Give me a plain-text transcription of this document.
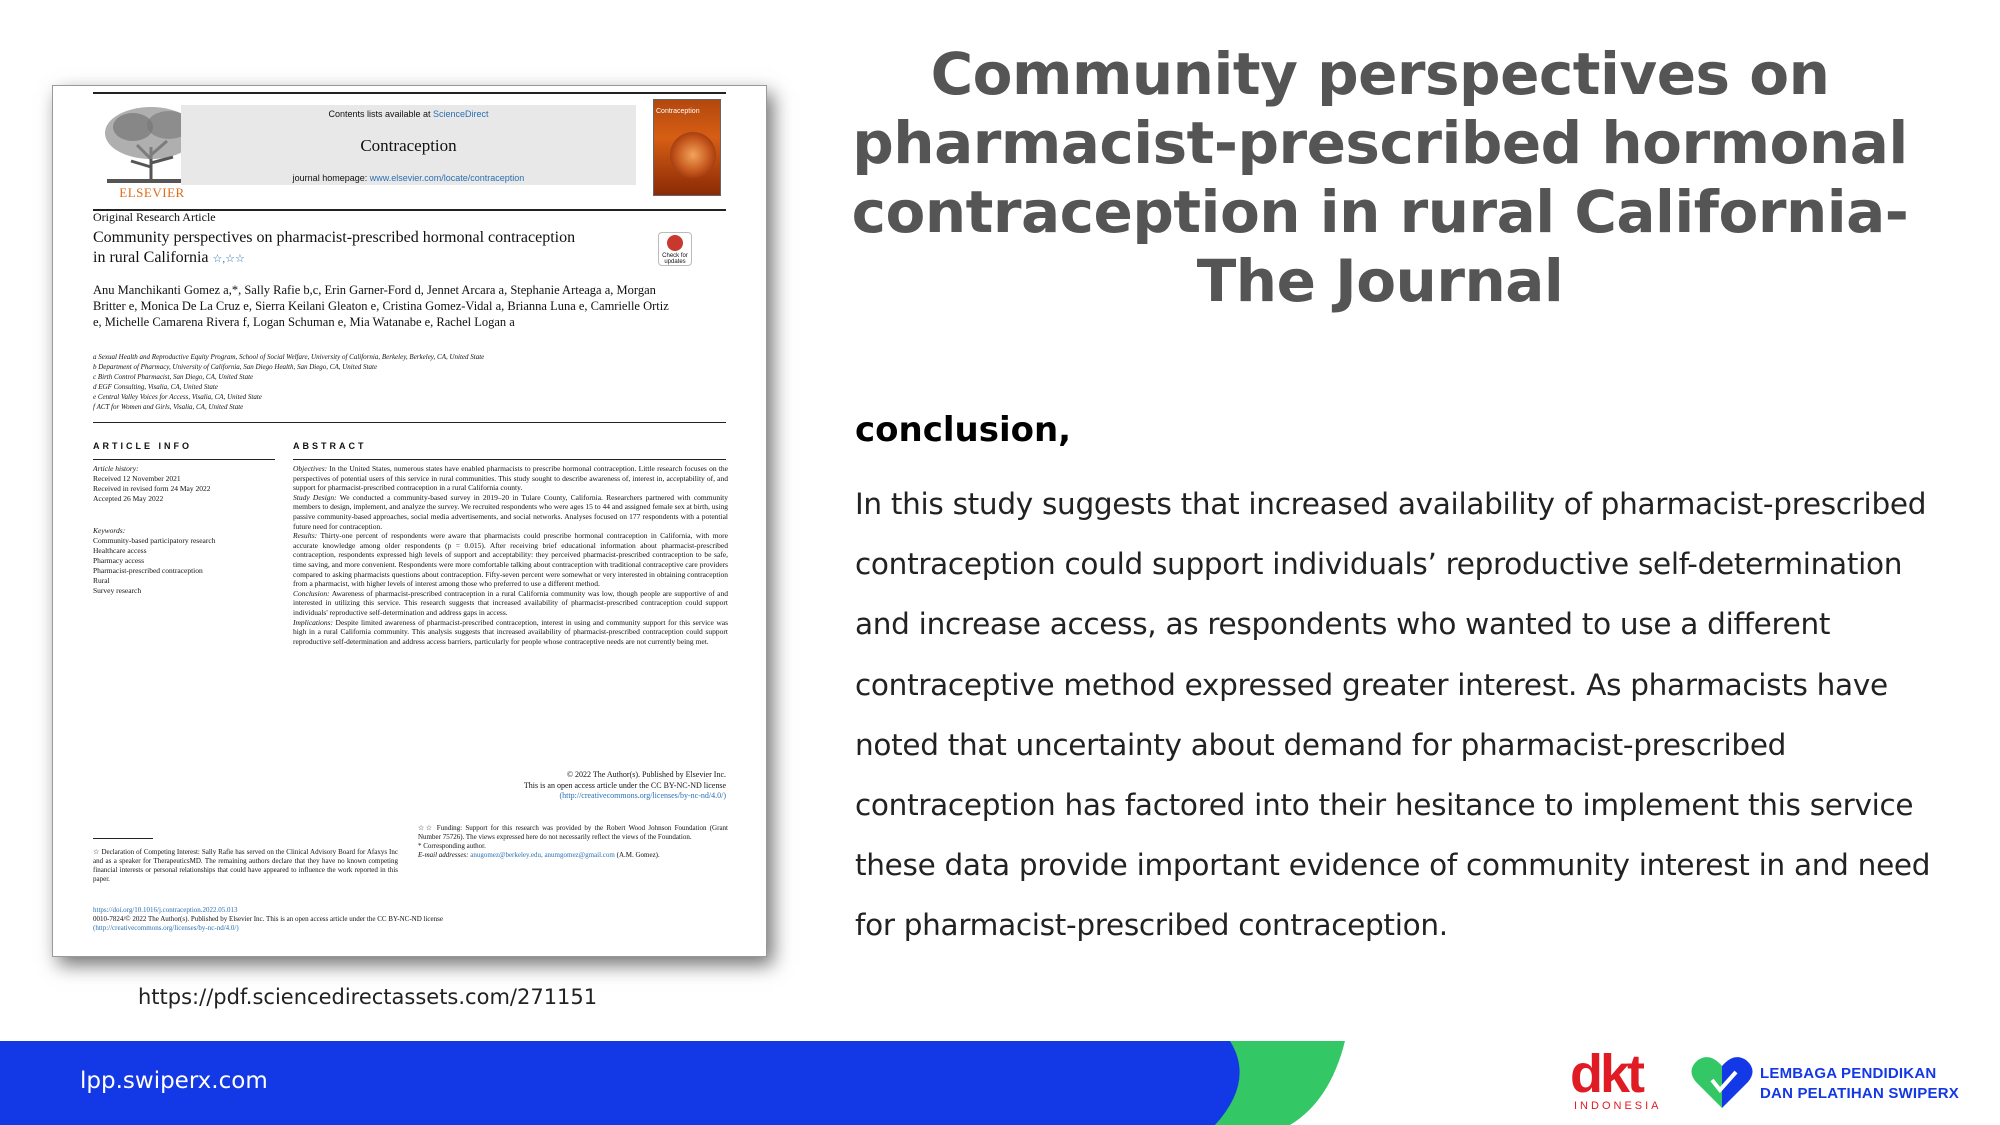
ELSEVIER
Contents lists available at ScienceDirect
Contraception
journal homepage: www.elsevier.com/locate/contraception
Contraception
Original Research Article
Community perspectives on pharmacist-prescribed hormonal contraception in rural California ☆,☆☆	Check for updates
Anu Manchikanti Gomez a,*, Sally Rafie b,c, Erin Garner-Ford d, Jennet Arcara a, Stephanie Arteaga a, Morgan Britter e, Monica De La Cruz e, Sierra Keilani Gleaton e, Cristina Gomez-Vidal a, Brianna Luna e, Camrielle Ortiz e, Michelle Camarena Rivera f, Logan Schuman e, Mia Watanabe e, Rachel Logan a
a Sexual Health and Reproductive Equity Program, School of Social Welfare, University of California, Berkeley, Berkeley, CA, United State
b Department of Pharmacy, University of California, San Diego Health, San Diego, CA, United State
c Birth Control Pharmacist, San Diego, CA, United State
d EGF Consulting, Visalia, CA, United State
e Central Valley Voices for Access, Visalia, CA, United State
f ACT for Women and Girls, Visalia, CA, United State
ARTICLE INFO	ABSTRACT
Article history:
Received 12 November 2021
Received in revised form 24 May 2022
Accepted 26 May 2022
Keywords:
Community-based participatory research
Healthcare access
Pharmacy access
Pharmacist-prescribed contraception
Rural
Survey research
Objectives: In the United States, numerous states have enabled pharmacists to prescribe hormonal contraception. Little research focuses on the perspectives of potential users of this service in rural communities. This study sought to describe awareness of, interest in, acceptability of, and support for pharmacist-prescribed contraception in a rural California county.
Study Design: We conducted a community-based survey in 2019–20 in Tulare County, California. Researchers partnered with community members to design, implement, and analyze the survey. We recruited respondents who were ages 15 to 44 and assigned female sex at birth, using passive community-based approaches, social media advertisements, and social networks. Analyses focused on 177 respondents with a potential future need for contraception.
Results: Thirty-one percent of respondents were aware that pharmacists could prescribe hormonal contraception in California, with more accurate knowledge among older respondents (p = 0.015). After receiving brief educational information about pharmacist-prescribed contraception, respondents expressed high levels of support and acceptability: they perceived pharmacist-prescribed contraception to be safe, time saving, and more convenient. Respondents were more comfortable talking about contraception with traditional contraceptive care providers compared to asking pharmacists questions about contraception. Fifty-seven percent were somewhat or very interested in obtaining contraception from a pharmacist, with higher levels of interest among those who preferred to use a different method.
Conclusion: Awareness of pharmacist-prescribed contraception in a rural California community was low, though people are supportive of and interested in utilizing this service. This research suggests that increased availability of pharmacist-prescribed contraception could support individuals' reproductive self-determination and address gaps in access.
Implications: Despite limited awareness of pharmacist-prescribed contraception, interest in using and community support for this service was high in a rural California community. This analysis suggests that increased availability of pharmacist-prescribed contraception could support reproductive self-determination and address access barriers, particularly for people whose contraceptive needs are not currently being met.
© 2022 The Author(s). Published by Elsevier Inc.
This is an open access article under the CC BY-NC-ND license
(http://creativecommons.org/licenses/by-nc-nd/4.0/)
☆ Declaration of Competing Interest: Sally Rafie has served on the Clinical Advisory Board for Afaxys Inc and as a speaker for TherapeuticsMD. The remaining authors declare that they have no known competing financial interests or personal relationships that could have appeared to influence the work reported in this paper.
☆☆ Funding: Support for this research was provided by the Robert Wood Johnson Foundation (Grant Number 75726). The views expressed here do not necessarily reflect the views of the Foundation.
* Corresponding author.
E-mail addresses: anugomez@berkeley.edu, anumgomez@gmail.com (A.M. Gomez).
https://doi.org/10.1016/j.contraception.2022.05.013
0010-7824/© 2022 The Author(s). Published by Elsevier Inc. This is an open access article under the CC BY-NC-ND license
(http://creativecommons.org/licenses/by-nc-nd/4.0/)
https://pdf.sciencedirectassets.com/271151
Community perspectives on pharmacist-prescribed hormonal contraception in rural California- The Journal
conclusion,
In this study suggests that increased availability of pharmacist-prescribed contraception could support individuals’ reproductive self-determination and increase access, as respondents who wanted to use a different contraceptive method expressed greater interest. As pharmacists have noted that uncertainty about demand for pharmacist-prescribed contraception has factored into their hesitance to implement this service these data provide important evidence of community interest in and need for pharmacist-prescribed contraception.
lpp.swiperx.com	dkt
INDONESIA
LEMBAGA PENDIDIKAN
DAN PELATIHAN SWIPERX
